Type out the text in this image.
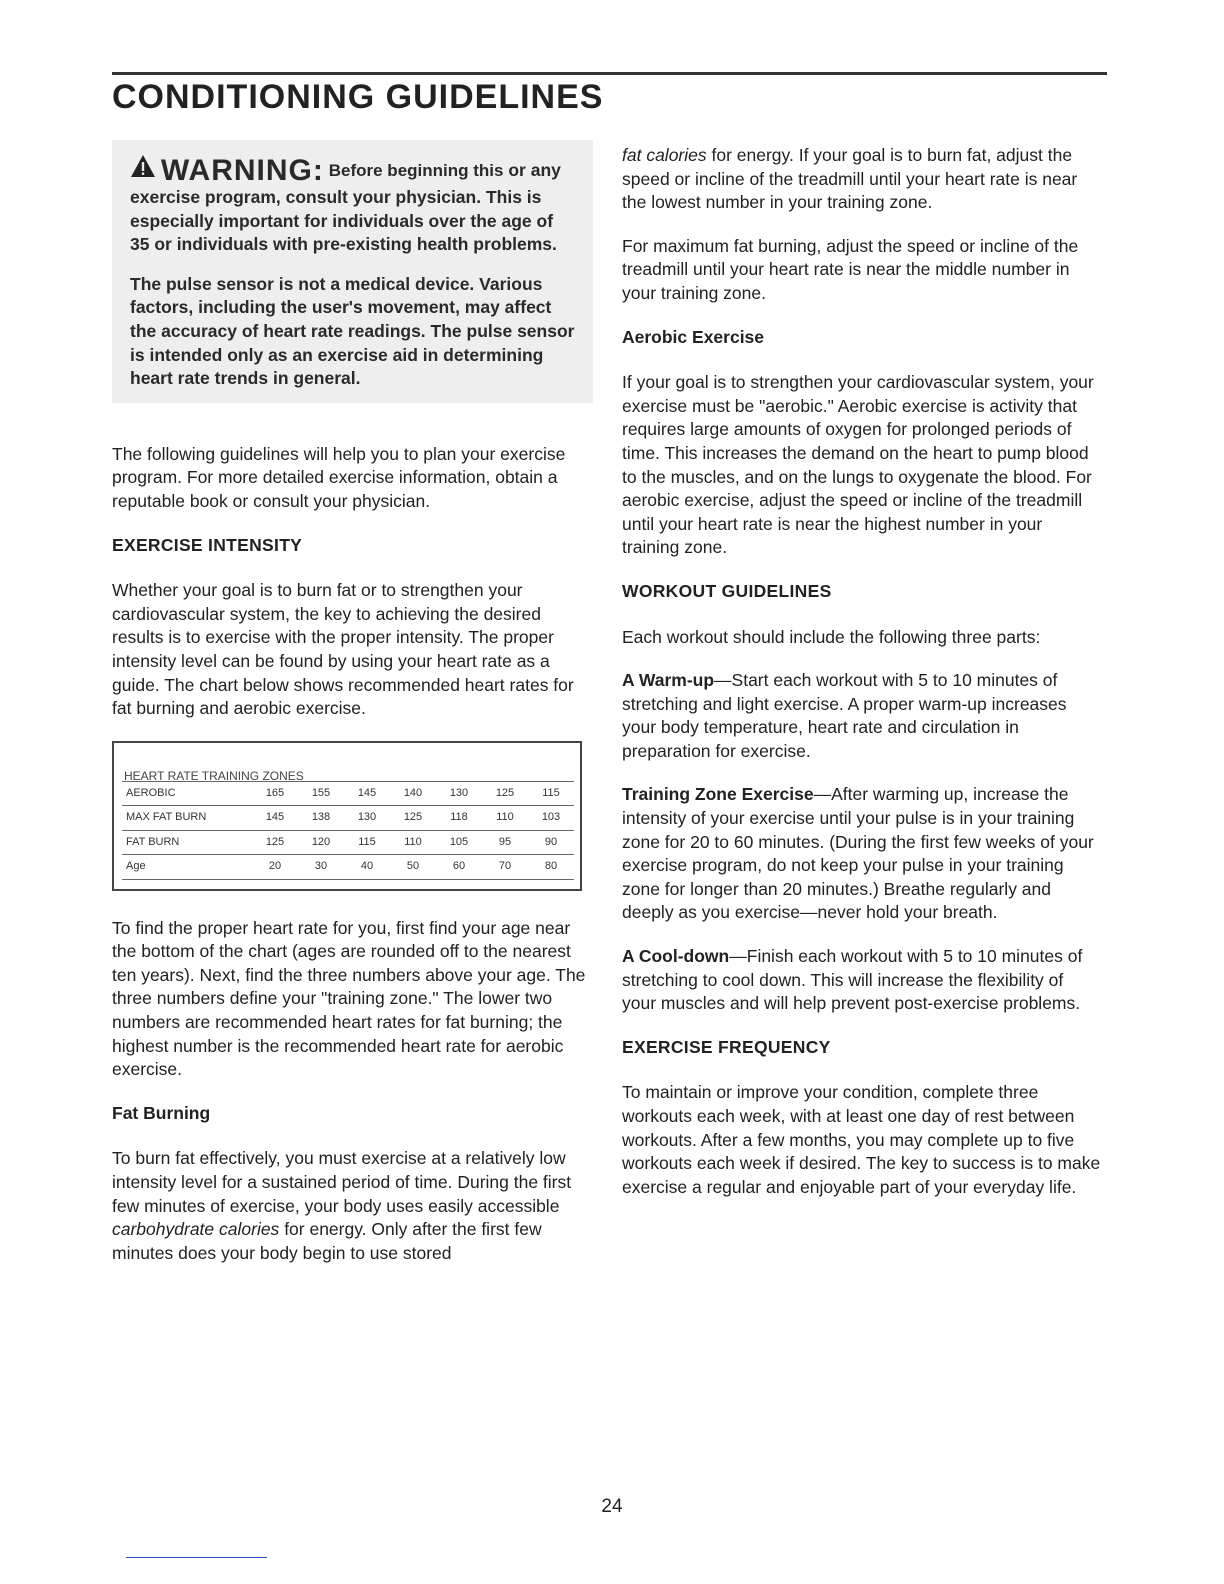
CONDITIONING GUIDELINES

WARNING: Before beginning this or any exercise program, consult your physician. This is especially important for individuals over the age of 35 or individuals with pre-existing health problems.

The pulse sensor is not a medical device. Various factors, including the user's movement, may affect the accuracy of heart rate readings. The pulse sensor is intended only as an exercise aid in determining heart rate trends in general.

The following guidelines will help you to plan your exercise program. For more detailed exercise information, obtain a reputable book or consult your physician.

EXERCISE INTENSITY

Whether your goal is to burn fat or to strengthen your cardiovascular system, the key to achieving the desired results is to exercise with the proper intensity. The proper intensity level can be found by using your heart rate as a guide. The chart below shows recommended heart rates for fat burning and aerobic exercise.

HEART RATE TRAINING ZONES
AEROBIC	165	155	145	140	130	125	115
MAX FAT BURN	145	138	130	125	118	110	103
FAT BURN	125	120	115	110	105	95	90
Age	20	30	40	50	60	70	80

To find the proper heart rate for you, first find your age near the bottom of the chart (ages are rounded off to the nearest ten years). Next, find the three numbers above your age. The three numbers define your "training zone." The lower two numbers are recommended heart rates for fat burning; the highest number is the recommended heart rate for aerobic exercise.

Fat Burning

To burn fat effectively, you must exercise at a relatively low intensity level for a sustained period of time. During the first few minutes of exercise, your body uses easily accessible carbohydrate calories for energy. Only after the first few minutes does your body begin to use stored

fat calories for energy. If your goal is to burn fat, adjust the speed or incline of the treadmill until your heart rate is near the lowest number in your training zone.

For maximum fat burning, adjust the speed or incline of the treadmill until your heart rate is near the middle number in your training zone.

Aerobic Exercise

If your goal is to strengthen your cardiovascular system, your exercise must be "aerobic." Aerobic exercise is activity that requires large amounts of oxygen for prolonged periods of time. This increases the demand on the heart to pump blood to the muscles, and on the lungs to oxygenate the blood. For aerobic exercise, adjust the speed or incline of the treadmill until your heart rate is near the highest number in your training zone.

WORKOUT GUIDELINES

Each workout should include the following three parts:

A Warm-up—Start each workout with 5 to 10 minutes of stretching and light exercise. A proper warm-up increases your body temperature, heart rate and circulation in preparation for exercise.

Training Zone Exercise—After warming up, increase the intensity of your exercise until your pulse is in your training zone for 20 to 60 minutes. (During the first few weeks of your exercise program, do not keep your pulse in your training zone for longer than 20 minutes.) Breathe regularly and deeply as you exercise—never hold your breath.

A Cool-down—Finish each workout with 5 to 10 minutes of stretching to cool down. This will increase the flexibility of your muscles and will help prevent post-exercise problems.

EXERCISE FREQUENCY

To maintain or improve your condition, complete three workouts each week, with at least one day of rest between workouts. After a few months, you may complete up to five workouts each week if desired. The key to success is to make exercise a regular and enjoyable part of your everyday life.

24
